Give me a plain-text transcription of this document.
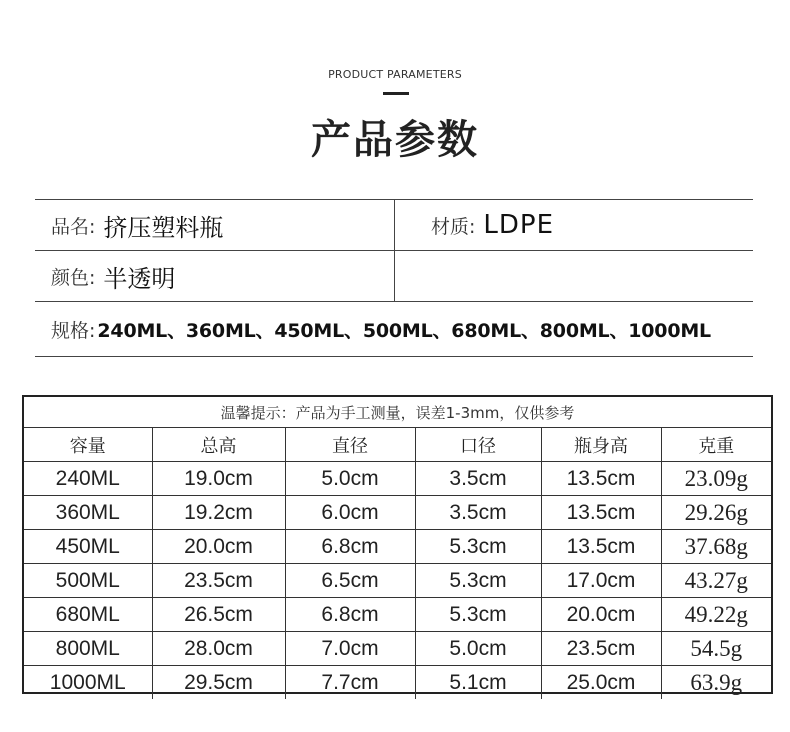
PRODUCT PARAMETERS
产品参数
品名: 挤压塑料瓶	材质: LDPE
颜色: 半透明
规格: 240ML、360ML、450ML、500ML、680ML、800ML、1000ML
温馨提示：产品为手工测量，误差1-3mm，仅供参考					
容量	总高	直径	口径	瓶身高	克重
240ML	19.0cm	5.0cm	3.5cm	13.5cm	23.09g
360ML	19.2cm	6.0cm	3.5cm	13.5cm	29.26g
450ML	20.0cm	6.8cm	5.3cm	13.5cm	37.68g
500ML	23.5cm	6.5cm	5.3cm	17.0cm	43.27g
680ML	26.5cm	6.8cm	5.3cm	20.0cm	49.22g
800ML	28.0cm	7.0cm	5.0cm	23.5cm	54.5g
1000ML	29.5cm	7.7cm	5.1cm	25.0cm	63.9g
